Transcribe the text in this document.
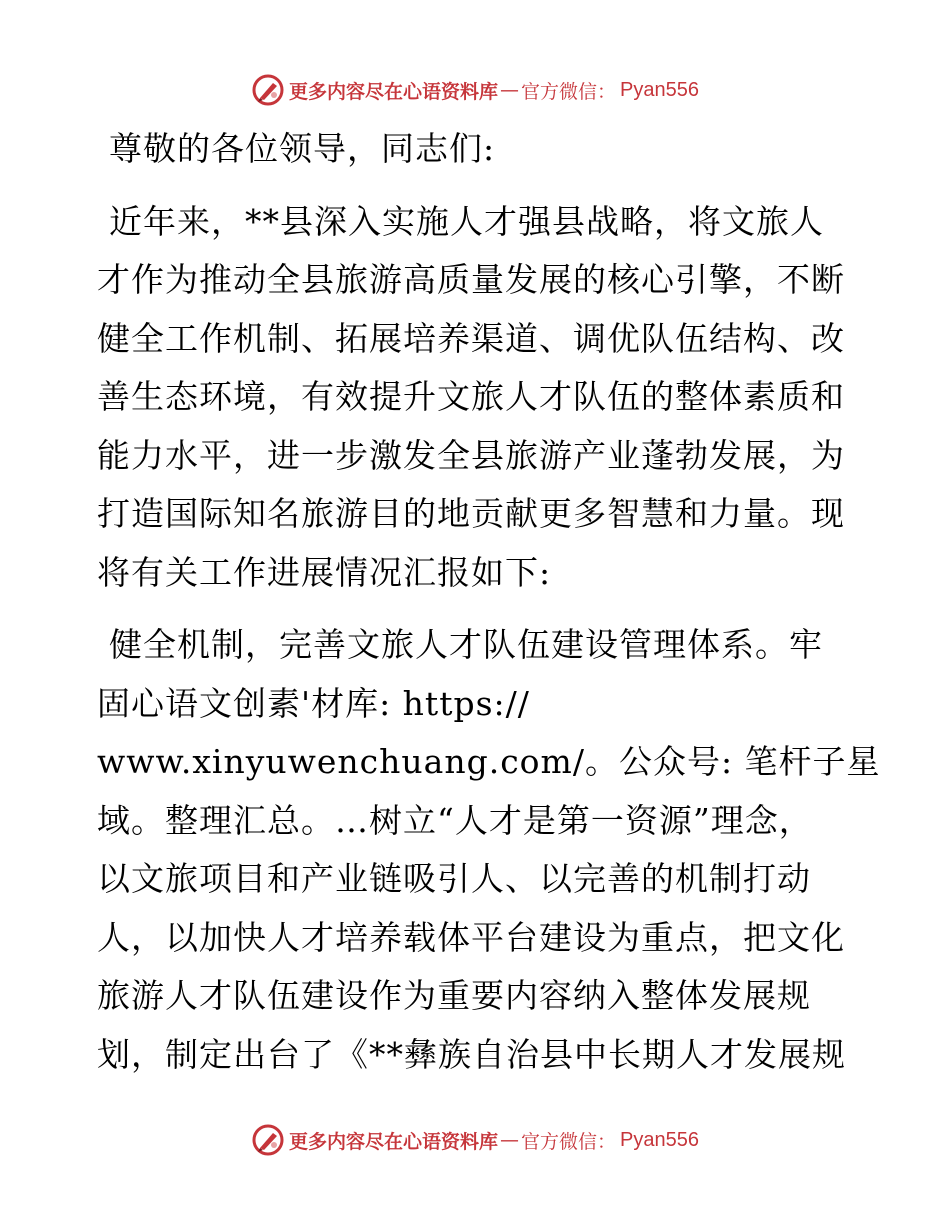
更多内容尽在心语资料库 — 官方微信： Pyan556
尊敬的各位领导，同志们:
近年来，**县深入实施人才强县战略，将文旅人
才作为推动全县旅游高质量发展的核心引擎，不断
健全工作机制、拓展培养渠道、调优队伍结构、改
善生态环境，有效提升文旅人才队伍的整体素质和
能力水平，进一步激发全县旅游产业蓬勃发展，为
打造国际知名旅游目的地贡献更多智慧和力量。现
将有关工作进展情况汇报如下:
健全机制，完善文旅人才队伍建设管理体系。牢
固心语文创素'材库: https://
www.xinyuwenchuang.com/。公众号: 笔杆子星
域。整理汇总。…树立“人才是第一资源”理念，
以文旅项目和产业链吸引人、以完善的机制打动
人，以加快人才培养载体平台建设为重点，把文化
旅游人才队伍建设作为重要内容纳入整体发展规
划，制定出台了《**彝族自治县中长期人才发展规
更多内容尽在心语资料库 — 官方微信： Pyan556
